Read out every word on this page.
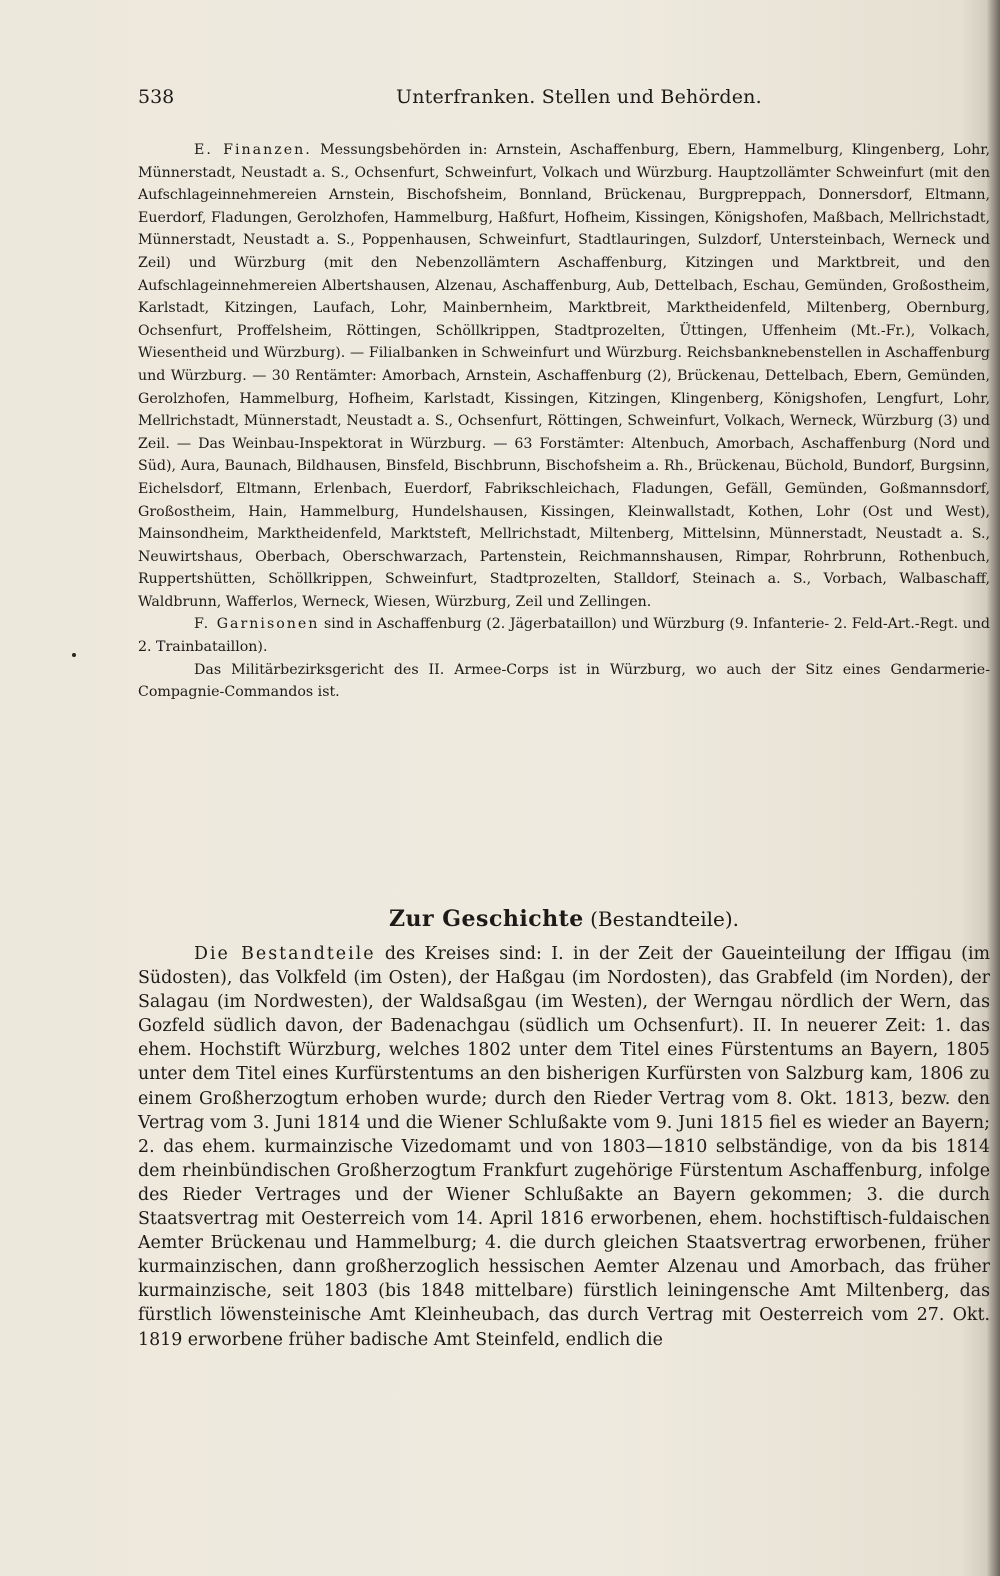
538	Unterfranken. Stellen und Behörden.

E. Finanzen. Messungsbehörden in: Arnstein, Aschaffenburg, Ebern, Hammelburg, Klingenberg, Lohr, Münnerstadt, Neustadt a. S., Ochsenfurt, Schweinfurt, Volkach und Würzburg. Hauptzollämter Schweinfurt (mit den Aufschlageinnehmereien Arnstein, Bischofsheim, Bonnland, Brückenau, Burgpreppach, Donnersdorf, Eltmann, Euerdorf, Fladungen, Gerolzhofen, Hammelburg, Haßfurt, Hofheim, Kissingen, Königshofen, Maßbach, Mellrichstadt, Münnerstadt, Neustadt a. S., Poppenhausen, Schweinfurt, Stadtlauringen, Sulzdorf, Untersteinbach, Werneck und Zeil) und Würzburg (mit den Nebenzollämtern Aschaffenburg, Kitzingen und Marktbreit, und den Aufschlageinnehmereien Albertshausen, Alzenau, Aschaffenburg, Aub, Dettelbach, Eschau, Gemünden, Großostheim, Karlstadt, Kitzingen, Laufach, Lohr, Mainbernheim, Marktbreit, Marktheidenfeld, Miltenberg, Obernburg, Ochsenfurt, Proffelsheim, Röttingen, Schöllkrippen, Stadtprozelten, Üttingen, Uffenheim (Mt.-Fr.), Volkach, Wiesentheid und Würzburg). — Filialbanken in Schweinfurt und Würzburg. Reichsbanknebenstellen in Aschaffenburg und Würzburg. — 30 Rentämter: Amorbach, Arnstein, Aschaffenburg (2), Brückenau, Dettelbach, Ebern, Gemünden, Gerolzhofen, Hammelburg, Hofheim, Karlstadt, Kissingen, Kitzingen, Klingenberg, Königshofen, Lengfurt, Lohr, Mellrichstadt, Münnerstadt, Neustadt a. S., Ochsenfurt, Röttingen, Schweinfurt, Volkach, Werneck, Würzburg (3) und Zeil. — Das Weinbau-Inspektorat in Würzburg. — 63 Forstämter: Altenbuch, Amorbach, Aschaffenburg (Nord und Süd), Aura, Baunach, Bildhausen, Binsfeld, Bischbrunn, Bischofsheim a. Rh., Brückenau, Büchold, Bundorf, Burgsinn, Eichelsdorf, Eltmann, Erlenbach, Euerdorf, Fabrikschleichach, Fladungen, Gefäll, Gemünden, Goßmannsdorf, Großostheim, Hain, Hammelburg, Hundelshausen, Kissingen, Kleinwallstadt, Kothen, Lohr (Ost und West), Mainsondheim, Marktheidenfeld, Marktsteft, Mellrichstadt, Miltenberg, Mittelsinn, Münnerstadt, Neustadt a. S., Neuwirtshaus, Oberbach, Oberschwarzach, Partenstein, Reichmannshausen, Rimpar, Rohrbrunn, Rothenbuch, Ruppertshütten, Schöllkrippen, Schweinfurt, Stadtprozelten, Stalldorf, Steinach a. S., Vorbach, Walbaschaff, Waldbrunn, Wafferlos, Werneck, Wiesen, Würzburg, Zeil und Zellingen.

F. Garnisonen sind in Aschaffenburg (2. Jägerbataillon) und Würzburg (9. Infanterie- 2. Feld-Art.-Regt. und 2. Trainbataillon).

Das Militärbezirksgericht des II. Armee-Corps ist in Würzburg, wo auch der Sitz eines Gendarmerie-Compagnie-Commandos ist.

Zur Geschichte (Bestandteile).

Die Bestandteile des Kreises sind: I. in der Zeit der Gaueinteilung der Iffigau (im Südosten), das Volkfeld (im Osten), der Haßgau (im Nordosten), das Grabfeld (im Norden), der Salagau (im Nordwesten), der Waldsaßgau (im Westen), der Werngau nördlich der Wern, das Gozfeld südlich davon, der Badenachgau (südlich um Ochsenfurt). II. In neuerer Zeit: 1. das ehem. Hochstift Würzburg, welches 1802 unter dem Titel eines Fürstentums an Bayern, 1805 unter dem Titel eines Kurfürstentums an den bisherigen Kurfürsten von Salzburg kam, 1806 zu einem Großherzogtum erhoben wurde; durch den Rieder Vertrag vom 8. Okt. 1813, bezw. den Vertrag vom 3. Juni 1814 und die Wiener Schlußakte vom 9. Juni 1815 fiel es wieder an Bayern; 2. das ehem. kurmainzische Vizedomamt und von 1803—1810 selbständige, von da bis 1814 dem rheinbündischen Großherzogtum Frankfurt zugehörige Fürstentum Aschaffenburg, infolge des Rieder Vertrages und der Wiener Schlußakte an Bayern gekommen; 3. die durch Staatsvertrag mit Oesterreich vom 14. April 1816 erworbenen, ehem. hochstiftisch-fuldaischen Aemter Brückenau und Hammelburg; 4. die durch gleichen Staatsvertrag erworbenen, früher kurmainzischen, dann großherzoglich hessischen Aemter Alzenau und Amorbach, das früher kurmainzische, seit 1803 (bis 1848 mittelbare) fürstlich leiningensche Amt Miltenberg, das fürstlich löwensteinische Amt Kleinheubach, das durch Vertrag mit Oesterreich vom 27. Okt. 1819 erworbene früher badische Amt Steinfeld, endlich die
